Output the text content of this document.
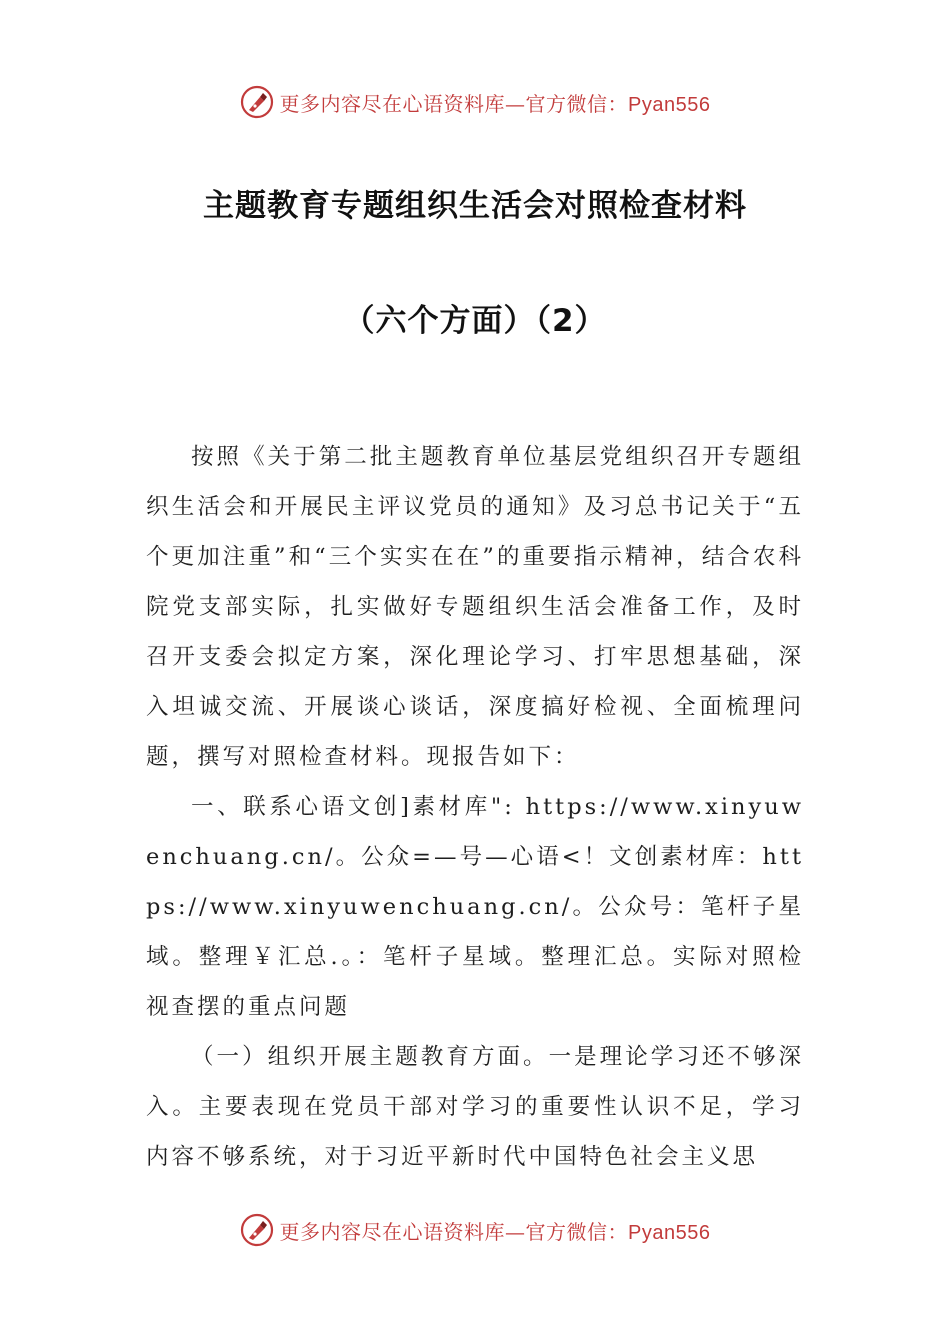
更多内容尽在心语资料库—官方微信：Pyan556
主题教育专题组织生活会对照检查材料
（六个方面）（2）

按照《关于第二批主题教育单位基层党组织召开专题组织生活会和开展民主评议党员的通知》及习总书记关于“五个更加注重”和“三个实实在在”的重要指示精神，结合农科院党支部实际，扎实做好专题组织生活会准备工作，及时召开支委会拟定方案，深化理论学习、打牢思想基础，深入坦诚交流、开展谈心谈话，深度搞好检视、全面梳理问题，撰写对照检查材料。现报告如下：

一、联系心语文创]素材库": https://www.xinyuwenchuang.cn/。公众=—号—心语<！文创素材库：https://www.xinyuwenchuang.cn/。公众号：笔杆子星域。整理￥汇总.。：笔杆子星域。整理汇总。实际对照检视查摆的重点问题

（一）组织开展主题教育方面。一是理论学习还不够深入。主要表现在党员干部对学习的重要性认识不足，学习内容不够系统，对于习近平新时代中国特色社会主义思

更多内容尽在心语资料库—官方微信：Pyan556
